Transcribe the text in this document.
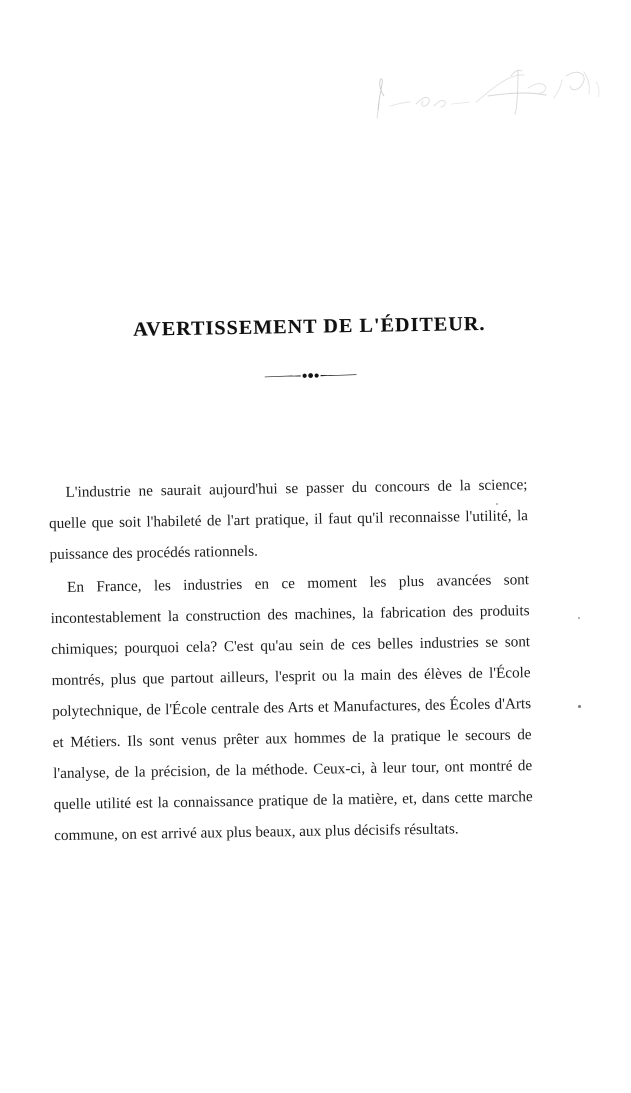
AVERTISSEMENT DE L'ÉDITEUR.

L'industrie ne saurait aujourd'hui se passer du concours de la science; quelle que soit l'habileté de l'art pratique, il faut qu'il reconnaisse l'utilité, la puissance des procédés rationnels.

En France, les industries en ce moment les plus avancées sont incontestablement la construction des machines, la fabrication des produits chimiques; pourquoi cela? C'est qu'au sein de ces belles industries se sont montrés, plus que partout ailleurs, l'esprit ou la main des élèves de l'École polytechnique, de l'École centrale des Arts et Manufactures, des Écoles d'Arts et Métiers. Ils sont venus prêter aux hommes de la pratique le secours de l'analyse, de la précision, de la méthode. Ceux-ci, à leur tour, ont montré de quelle utilité est la connaissance pratique de la matière, et, dans cette marche commune, on est arrivé aux plus beaux, aux plus décisifs résultats.
